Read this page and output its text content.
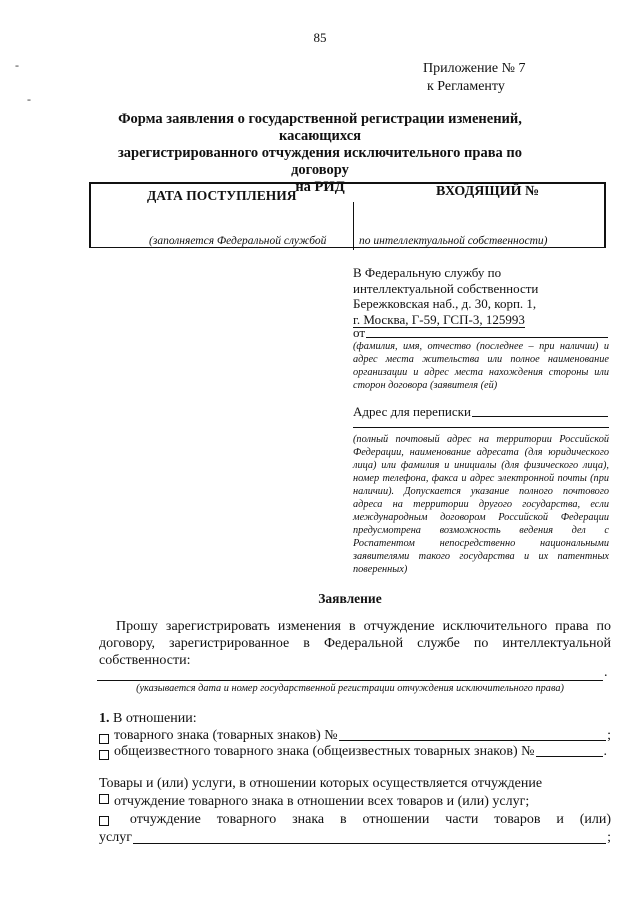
85
-
-
Приложение № 7
к Регламенту
Форма заявления о государственной регистрации изменений, касающихся
зарегистрированного отчуждения исключительного права по договору
на РИД
ДАТА ПОСТУПЛЕНИЯ	ВХОДЯЩИЙ №
(заполняется Федеральной службой	по интеллектуальной собственности)
В Федеральную службу по
интеллектуальной собственности
Бережковская наб., д. 30, корп. 1,
г. Москва, Г-59, ГСП-3, 125993
от
(фамилия, имя, отчество (последнее – при наличии) и адрес места жительства или полное наименование организации и адрес места нахождения стороны или сторон договора (заявителя (ей)
Адрес для переписки
(полный почтовый адрес на территории Российской Федерации, наименование адресата (для юридического лица) или фамилия и инициалы (для физического лица), номер телефона, факса и адрес электронной почты (при наличии). Допускается указание полного почтового адреса на территории другого государства, если международным договором Российской Федерации предусмотрена возможность ведения дел с Роспатентом непосредственно национальными заявителями такого государства и их патентных поверенных)
Заявление
Прошу зарегистрировать изменения в отчуждение исключительного права по договору, зарегистрированное в Федеральной службе по интеллектуальной собственности:
.
(указывается дата и номер государственной регистрации отчуждения исключительного права)
1. В отношении:
товарного знака (товарных знаков) №	;
общеизвестного товарного знака (общеизвестных товарных знаков) №	.
Товары и (или) услуги, в отношении которых осуществляется отчуждение
отчуждение товарного знака в отношении всех товаров и (или) услуг;
отчуждение товарного знака в отношении части товаров и (или)
услуг	;
